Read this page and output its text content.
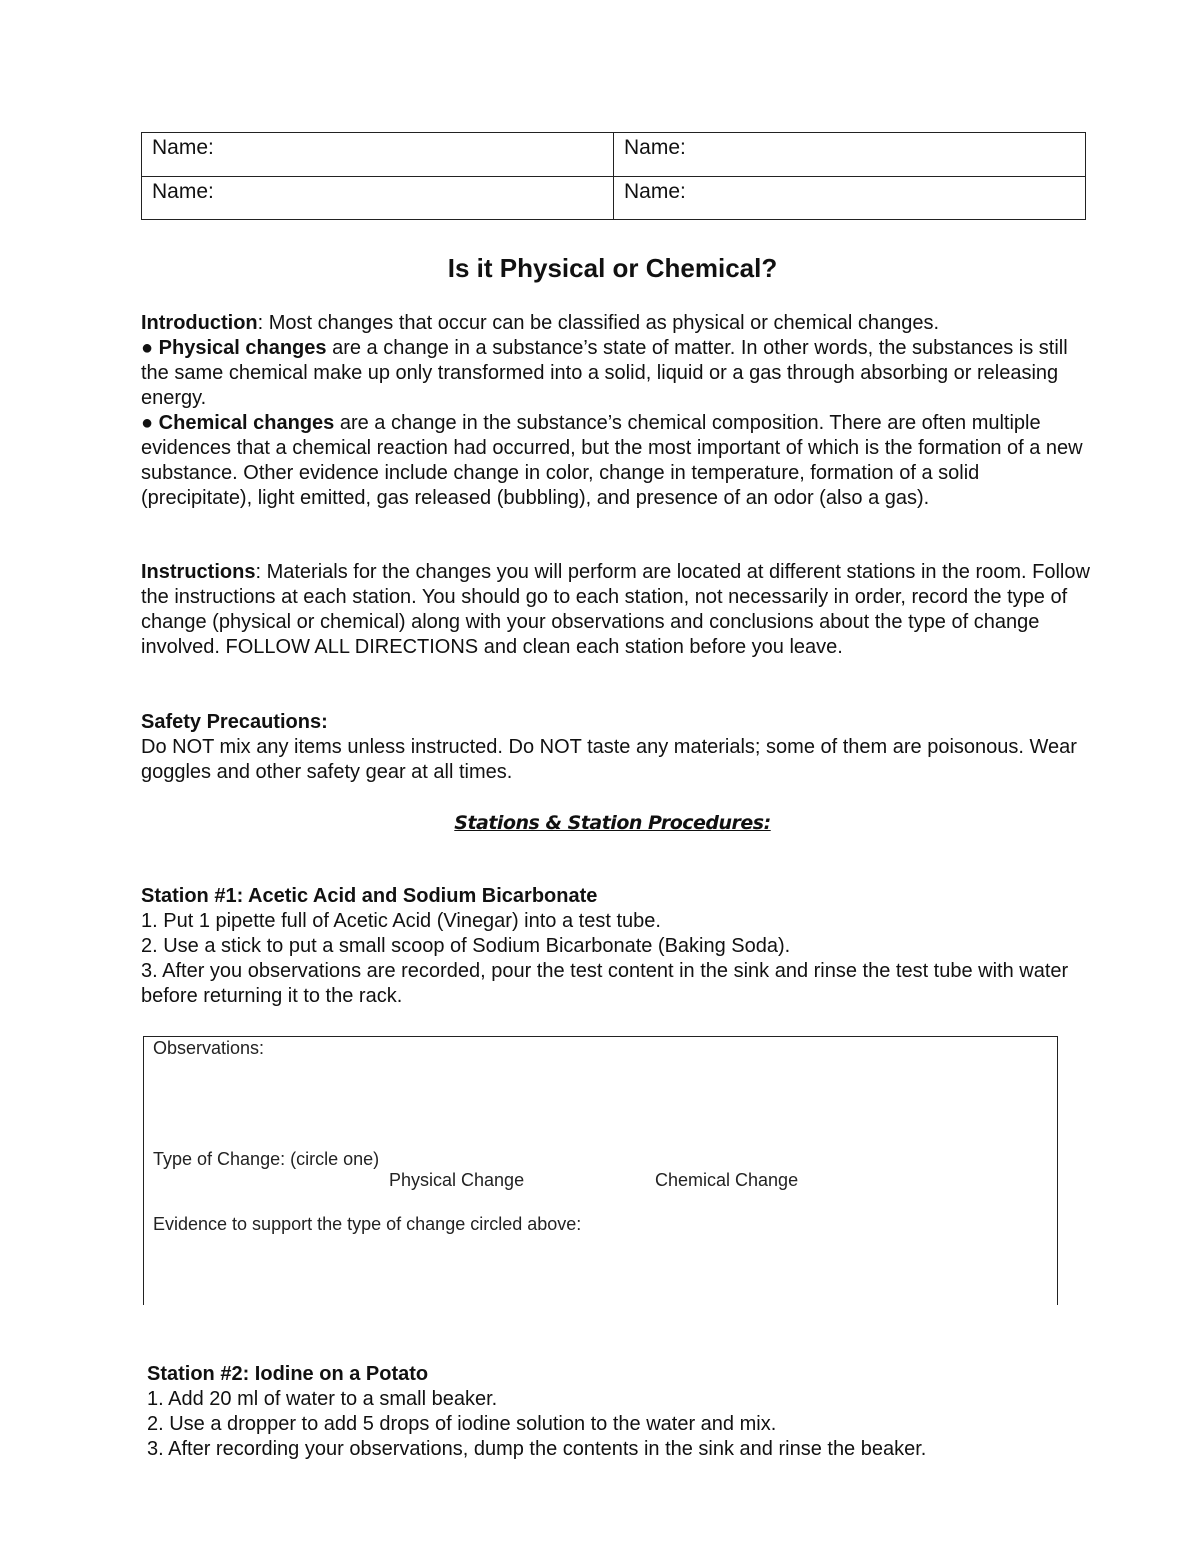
Name:	Name:
Name:	Name:
Is it Physical or Chemical?

Introduction: Most changes that occur can be classified as physical or chemical changes.

● Physical changes are a change in a substance’s state of matter. In other words, the substances is still the same chemical make up only transformed into a solid, liquid or a gas through absorbing or releasing energy.

● Chemical changes are a change in the substance’s chemical composition. There are often multiple evidences that a chemical reaction had occurred, but the most important of which is the formation of a new substance. Other evidence include change in color, change in temperature, formation of a solid (precipitate), light emitted, gas released (bubbling), and presence of an odor (also a gas).

Instructions: Materials for the changes you will perform are located at different stations in the room. Follow the instructions at each station. You should go to each station, not necessarily in order, record the type of change (physical or chemical) along with your observations and conclusions about the type of change involved. FOLLOW ALL DIRECTIONS and clean each station before you leave.

Safety Precautions:

Do NOT mix any items unless instructed. Do NOT taste any materials; some of them are poisonous. Wear goggles and other safety gear at all times.

Stations & Station Procedures:

Station #1: Acetic Acid and Sodium Bicarbonate

1. Put 1 pipette full of Acetic Acid (Vinegar) into a test tube.

2. Use a stick to put a small scoop of Sodium Bicarbonate (Baking Soda).

3. After you observations are recorded, pour the test content in the sink and rinse the test tube with water before returning it to the rack.

Observations:
Type of Change: (circle one)
Physical Change	Chemical Change
Evidence to support the type of change circled above:

Station #2: Iodine on a Potato

1. Add 20 ml of water to a small beaker.

2. Use a dropper to add 5 drops of iodine solution to the water and mix.

3. After recording your observations, dump the contents in the sink and rinse the beaker.
